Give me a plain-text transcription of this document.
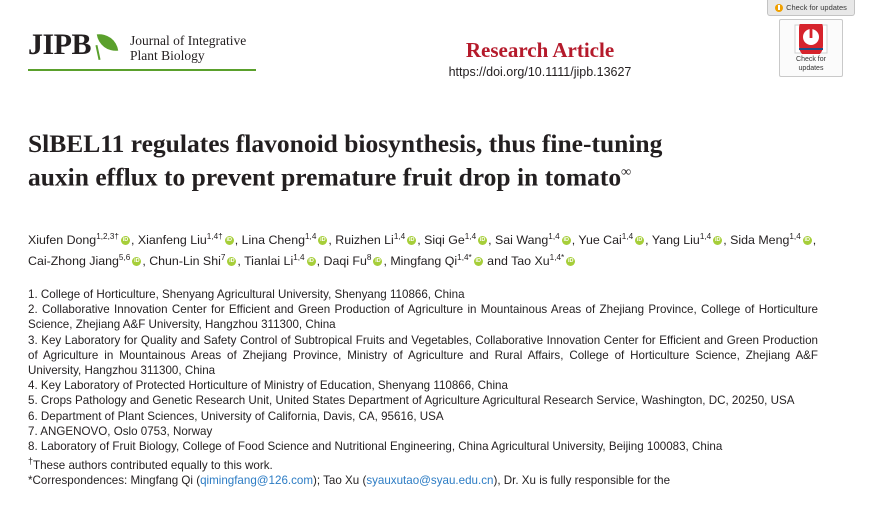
Check for updates
Check for
updates
JIPB	Journal of Integrative
Plant Biology	Research Article
https://doi.org/10.1111/jipb.13627
SlBEL11 regulates flavonoid biosynthesis, thus fine-tuning auxin efflux to prevent premature fruit drop in tomato∞
Xiufen Dong$^{1,2,3\dagger}$ iD , Xianfeng Liu$^{1,4\dagger}$ iD , Lina Cheng$^{1,4}$ iD , Ruizhen Li$^{1,4}$ iD , Siqi Ge$^{1,4}$ iD , Sai Wang$^{1,4}$ iD , Yue Cai$^{1,4}$ iD , Yang Liu$^{1,4}$ iD , Sida Meng$^{1,4}$ iD , Cai-Zhong Jiang$^{5,6}$ iD , Chun-Lin Shi$^7$ iD , Tianlai Li$^{1,4}$ iD , Daqi Fu$^8$ iD , Mingfang $Qi^{1,4*}iD$ and Tao $Xu^{1,4*}iD$

1. College of Horticulture, Shenyang Agricultural University, Shenyang 110866, China

2. Collaborative Innovation Center for Efficient and Green Production of Agriculture in Mountainous Areas of Zhejiang Province, College of Horticulture Science, Zhejiang A&F University, Hangzhou 311300, China

3. Key Laboratory for Quality and Safety Control of Subtropical Fruits and Vegetables, Collaborative Innovation Center for Efficient and Green Production of Agriculture in Mountainous Areas of Zhejiang Province, Ministry of Agriculture and Rural Affairs, College of Horticulture Science, Zhejiang A&F University, Hangzhou 311300, China

4. Key Laboratory of Protected Horticulture of Ministry of Education, Shenyang 110866, China

5. Crops Pathology and Genetic Research Unit, United States Department of Agriculture Agricultural Research Service, Washington, DC, 20250, USA

6. Department of Plant Sciences, University of California, Davis, CA, 95616, USA

7. ANGENOVO, Oslo 0753, Norway

8. Laboratory of Fruit Biology, College of Food Science and Nutritional Engineering, China Agricultural University, Beijing 100083, China

†These authors contributed equally to this work.

*Correspondences: Mingfang Qi (qimingfang@126.com); Tao Xu (syauxutao@syau.edu.cn), Dr. Xu is fully responsible for the
